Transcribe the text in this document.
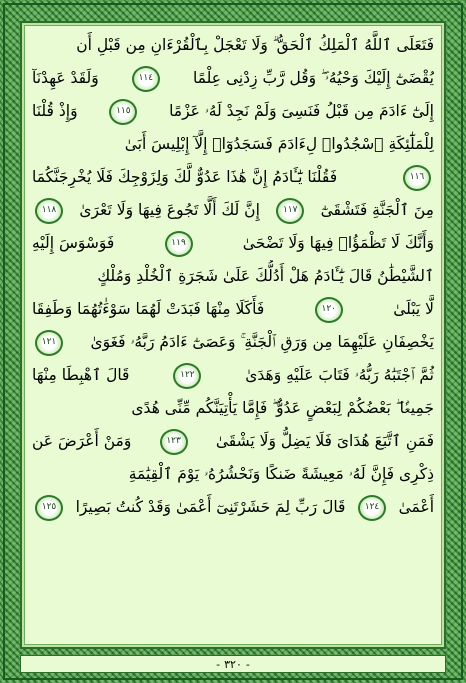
فَتَعَلَى ٱللَّهُ ٱلْمَلِكُ ٱلْحَقُّ ۗ وَلَا تَعْجَلْ بِٱلْقُرْءَانِ مِن قَبْلِ أَن
يُقْضَىٰٓ إِلَيْكَ وَحْيُهُۥ ۖ وَقُل رَّبِّ زِدْنِى عِلْمًا
١١٤
وَلَقَدْ عَهِدْنَآ
إِلَىٰٓ ءَادَمَ مِن قَبْلُ فَنَسِىَ وَلَمْ نَجِدْ لَهُۥ عَزْمًا
١١٥
وَإِذْ قُلْنَا
لِلْمَلَٰٓئِكَةِ ٱسْجُدُوا۟ لِءَادَمَ فَسَجَدُوٓا۟ إِلَّآ إِبْلِيسَ أَبَىٰ
١١٦
فَقُلْنَا يَٰٓـَٔادَمُ إِنَّ هَٰذَا عَدُوٌّ لَّكَ وَلِزَوْجِكَ فَلَا يُخْرِجَنَّكُمَا
مِنَ ٱلْجَنَّةِ فَتَشْقَىٰٓ
١١٧
إِنَّ لَكَ أَلَّا تَجُوعَ فِيهَا وَلَا تَعْرَىٰ
١١٨
وَأَنَّكَ لَا تَظْمَؤُا۟ فِيهَا وَلَا تَضْحَىٰ
١١٩
فَوَسْوَسَ إِلَيْهِ
ٱلشَّيْطَٰنُ قَالَ يَٰٓـَٔادَمُ هَلْ أَدُلُّكَ عَلَىٰ شَجَرَةِ ٱلْخُلْدِ وَمُلْكٍ
لَّا يَبْلَىٰ
١٢٠
فَأَكَلَا مِنْهَا فَبَدَتْ لَهُمَا سَوْءَٰتُهُمَا وَطَفِقَا
يَخْصِفَانِ عَلَيْهِمَا مِن وَرَقِ ٱلْجَنَّةِ ۚ وَعَصَىٰٓ ءَادَمُ رَبَّهُۥ فَغَوَىٰ
١٢١
ثُمَّ ٱجْتَبَٰهُ رَبُّهُۥ فَتَابَ عَلَيْهِ وَهَدَىٰ
١٢٢
قَالَ ٱهْبِطَا مِنْهَا
جَمِيعًۢا ۖ بَعْضُكُمْ لِبَعْضٍ عَدُوٌّ ۖ فَإِمَّا يَأْتِيَنَّكُم مِّنِّى هُدًى
فَمَنِ ٱتَّبَعَ هُدَاىَ فَلَا يَضِلُّ وَلَا يَشْقَىٰ
١٢٣
وَمَنْ أَعْرَضَ عَن
ذِكْرِى فَإِنَّ لَهُۥ مَعِيشَةً ضَنكًا وَنَحْشُرُهُۥ يَوْمَ ٱلْقِيَٰمَةِ
أَعْمَىٰ
١٢٤
قَالَ رَبِّ لِمَ حَشَرْتَنِىٓ أَعْمَىٰ وَقَدْ كُنتُ بَصِيرًا
١٢٥
-
٣٢٠
-
